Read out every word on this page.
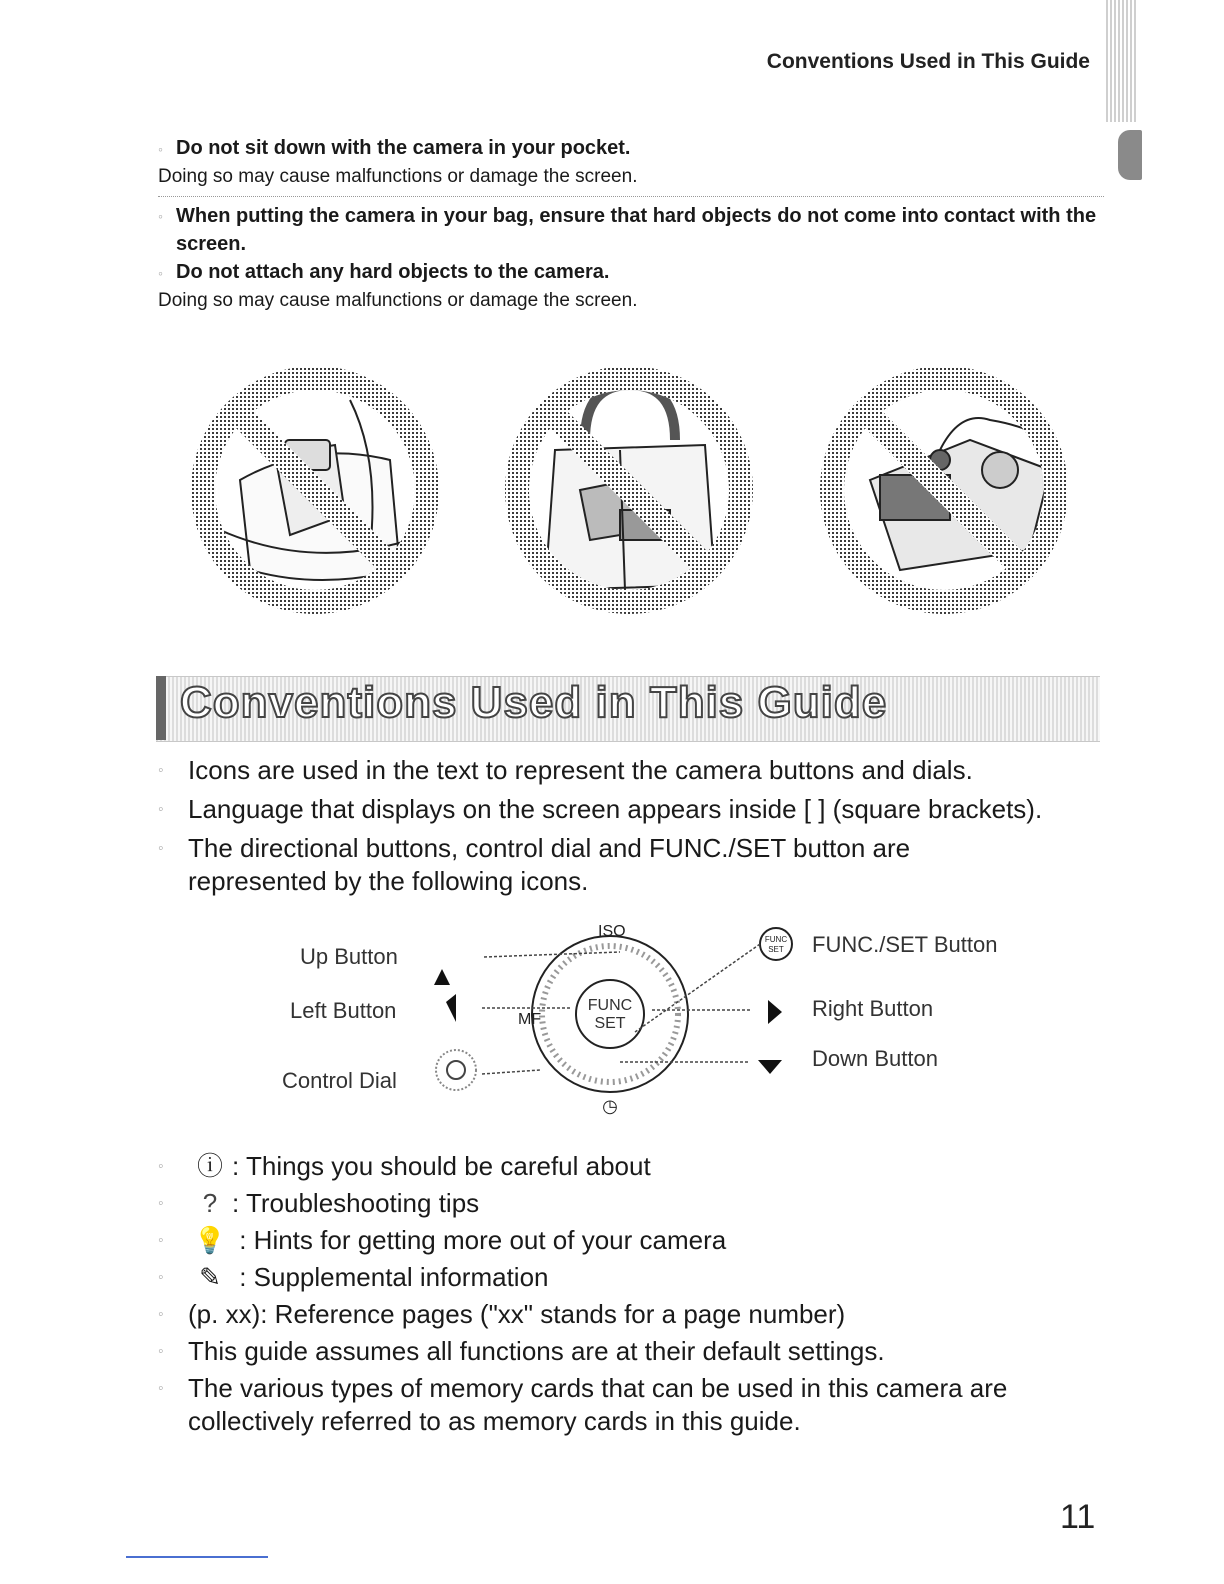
Conventions Used in This Guide
◦ Do not sit down with the camera in your pocket.
Doing so may cause malfunctions or damage the screen.
◦ When putting the camera in your bag, ensure that hard objects do not come into contact with the screen.
◦ Do not attach any hard objects to the camera.
Doing so may cause malfunctions or damage the screen.
Conventions Used in This Guide
◦ Icons are used in the text to represent the camera buttons and dials.
◦ Language that displays on the screen appears inside [ ] (square brackets).
◦ The directional buttons, control dial and FUNC./SET button are represented by the following icons.
Up Button
Left Button
Control Dial
FUNC./SET Button
Right Button
Down Button
FUNC
SET
FUNC
SET
ISO
MF
◷
◦ ⓘ : Things you should be careful about
◦ ? : Troubleshooting tips
◦ 💡 : Hints for getting more out of your camera
◦ ✎ : Supplemental information
◦ (p. xx): Reference pages ("xx" stands for a page number)
◦ This guide assumes all functions are at their default settings.
◦ The various types of memory cards that can be used in this camera are collectively referred to as memory cards in this guide.
11
